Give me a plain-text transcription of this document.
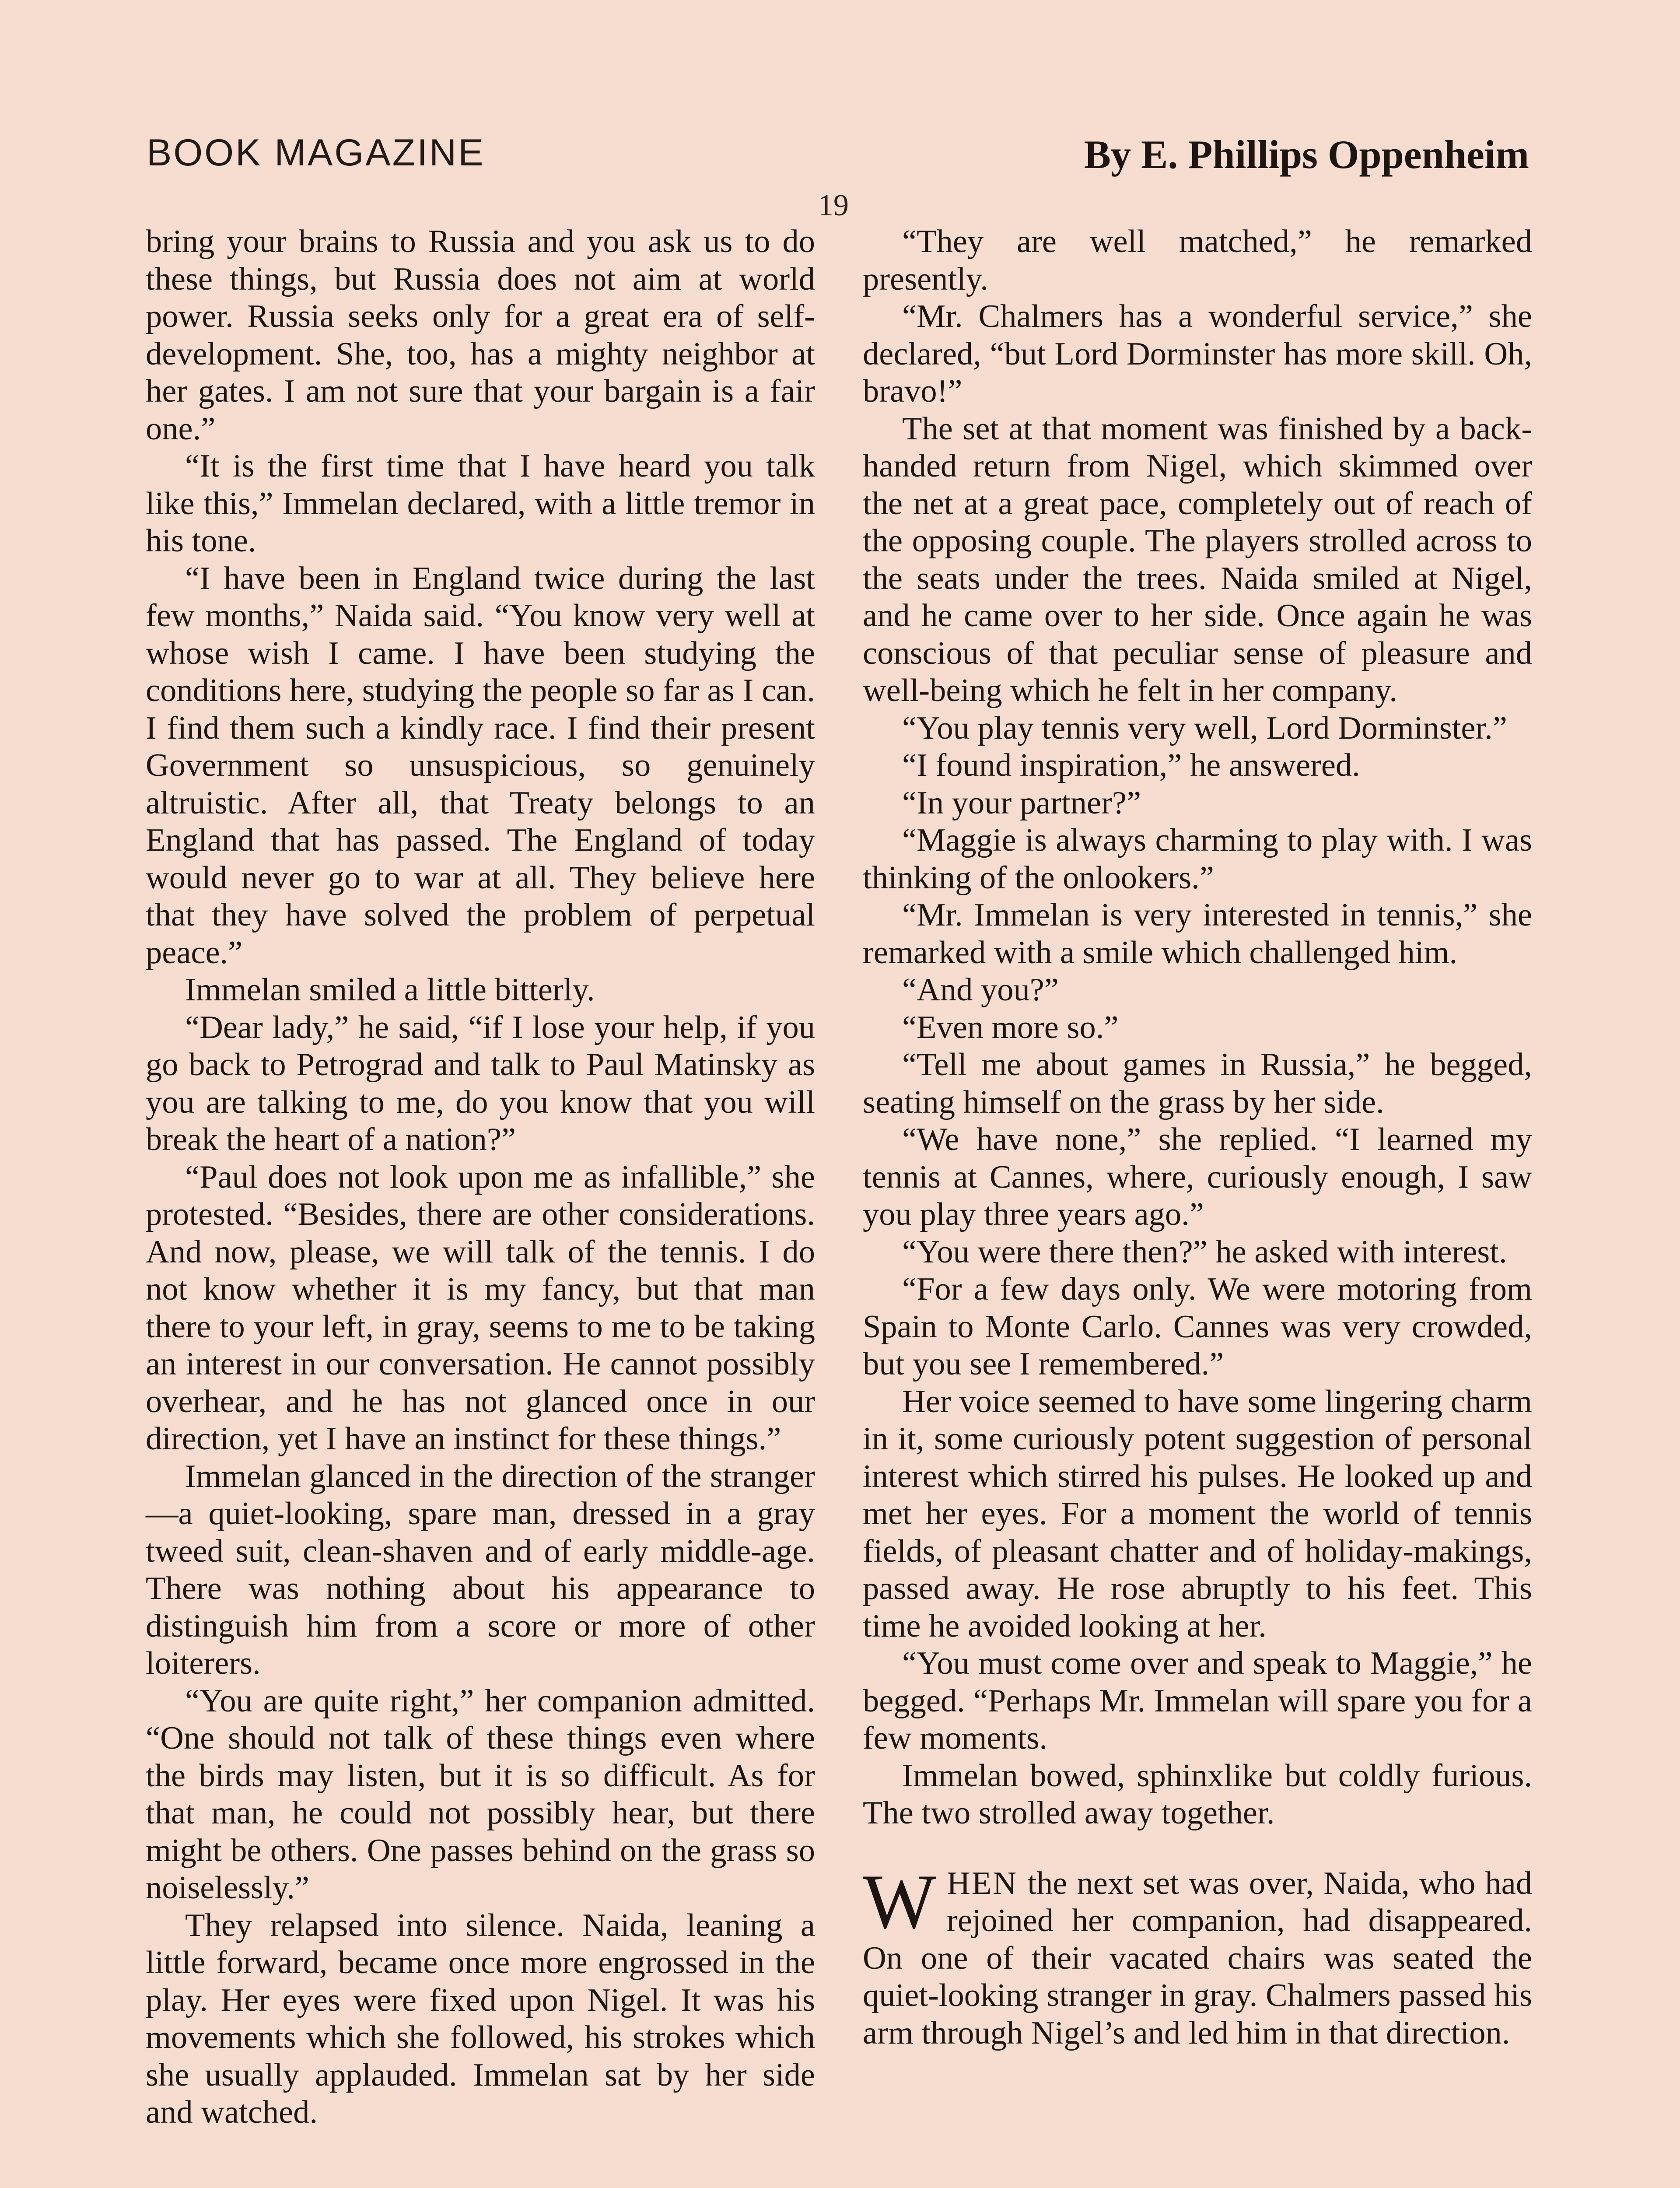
BOOK MAGAZINE	By E. Phillips Oppenheim
19

bring your brains to Russia and you ask us to do these things, but Russia does not aim at world power. Russia seeks only for a great era of self-development. She, too, has a mighty neighbor at her gates. I am not sure that your bargain is a fair one.”

“It is the first time that I have heard you talk like this,” Immelan declared, with a little tremor in his tone.

“I have been in England twice during the last few months,” Naida said. “You know very well at whose wish I came. I have been studying the conditions here, studying the people so far as I can. I find them such a kindly race. I find their present Government so unsuspicious, so genuinely altruistic. After all, that Treaty belongs to an England that has passed. The England of today would never go to war at all. They believe here that they have solved the problem of perpetual peace.”

Immelan smiled a little bitterly.

“Dear lady,” he said, “if I lose your help, if you go back to Petrograd and talk to Paul Matinsky as you are talking to me, do you know that you will break the heart of a nation?”

“Paul does not look upon me as infallible,” she protested. “Besides, there are other considerations. And now, please, we will talk of the tennis. I do not know whether it is my fancy, but that man there to your left, in gray, seems to me to be taking an interest in our conversation. He cannot possibly overhear, and he has not glanced once in our direction, yet I have an instinct for these things.”

Immelan glanced in the direction of the stranger—a quiet-looking, spare man, dressed in a gray tweed suit, clean-shaven and of early middle-age. There was nothing about his appearance to distinguish him from a score or more of other loiterers.

“You are quite right,” her companion admitted. “One should not talk of these things even where the birds may listen, but it is so difficult. As for that man, he could not possibly hear, but there might be others. One passes behind on the grass so noiselessly.”

They relapsed into silence. Naida, leaning a little forward, became once more engrossed in the play. Her eyes were fixed upon Nigel. It was his movements which she followed, his strokes which she usually applauded. Immelan sat by her side and watched.

“They are well matched,” he remarked presently.

“Mr. Chalmers has a wonderful service,” she declared, “but Lord Dorminster has more skill. Oh, bravo!”

The set at that moment was finished by a back-handed return from Nigel, which skimmed over the net at a great pace, completely out of reach of the opposing couple. The players strolled across to the seats under the trees. Naida smiled at Nigel, and he came over to her side. Once again he was conscious of that peculiar sense of pleasure and well-being which he felt in her company.

“You play tennis very well, Lord Dorminster.”

“I found inspiration,” he answered.

“In your partner?”

“Maggie is always charming to play with. I was thinking of the onlookers.”

“Mr. Immelan is very interested in tennis,” she remarked with a smile which challenged him.

“And you?”

“Even more so.”

“Tell me about games in Russia,” he begged, seating himself on the grass by her side.

“We have none,” she replied. “I learned my tennis at Cannes, where, curiously enough, I saw you play three years ago.”

“You were there then?” he asked with interest.

“For a few days only. We were motoring from Spain to Monte Carlo. Cannes was very crowded, but you see I remembered.”

Her voice seemed to have some lingering charm in it, some curiously potent suggestion of personal interest which stirred his pulses. He looked up and met her eyes. For a moment the world of tennis fields, of pleasant chatter and of holiday-makings, passed away. He rose abruptly to his feet. This time he avoided looking at her.

“You must come over and speak to Maggie,” he begged. “Perhaps Mr. Immelan will spare you for a few moments.

Immelan bowed, sphinxlike but coldly furious. The two strolled away together.

WHEN the next set was over, Naida, who had rejoined her companion, had disappeared. On one of their vacated chairs was seated the quiet-looking stranger in gray. Chalmers passed his arm through Nigel’s and led him in that direction.
